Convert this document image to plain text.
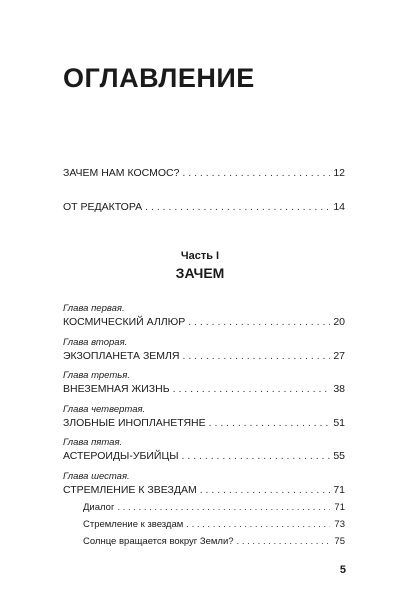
ОГЛАВЛЕНИЕ
ЗАЧЕМ НАМ КОСМОС? . . .	12
ОТ РЕДАКТОРА . . .	14
Часть I
ЗАЧЕМ
Глава первая.
КОСМИЧЕСКИЙ АЛЛЮР . . .	20
Глава вторая.
ЭКЗОПЛАНЕТА ЗЕМЛЯ . . .	27
Глава третья.
ВНЕЗЕМНАЯ ЖИЗНЬ . . .	38
Глава четвертая.
ЗЛОБНЫЕ ИНОПЛАНЕТЯНЕ . . .	51
Глава пятая.
АСТЕРОИДЫ-УБИЙЦЫ . . .	55
Глава шестая.
СТРЕМЛЕНИЕ К ЗВЕЗДАМ . . .	71
Диалог . . .	71
Стремление к звездам . . .	73
Солнце вращается вокруг Земли? . . .	75
5
